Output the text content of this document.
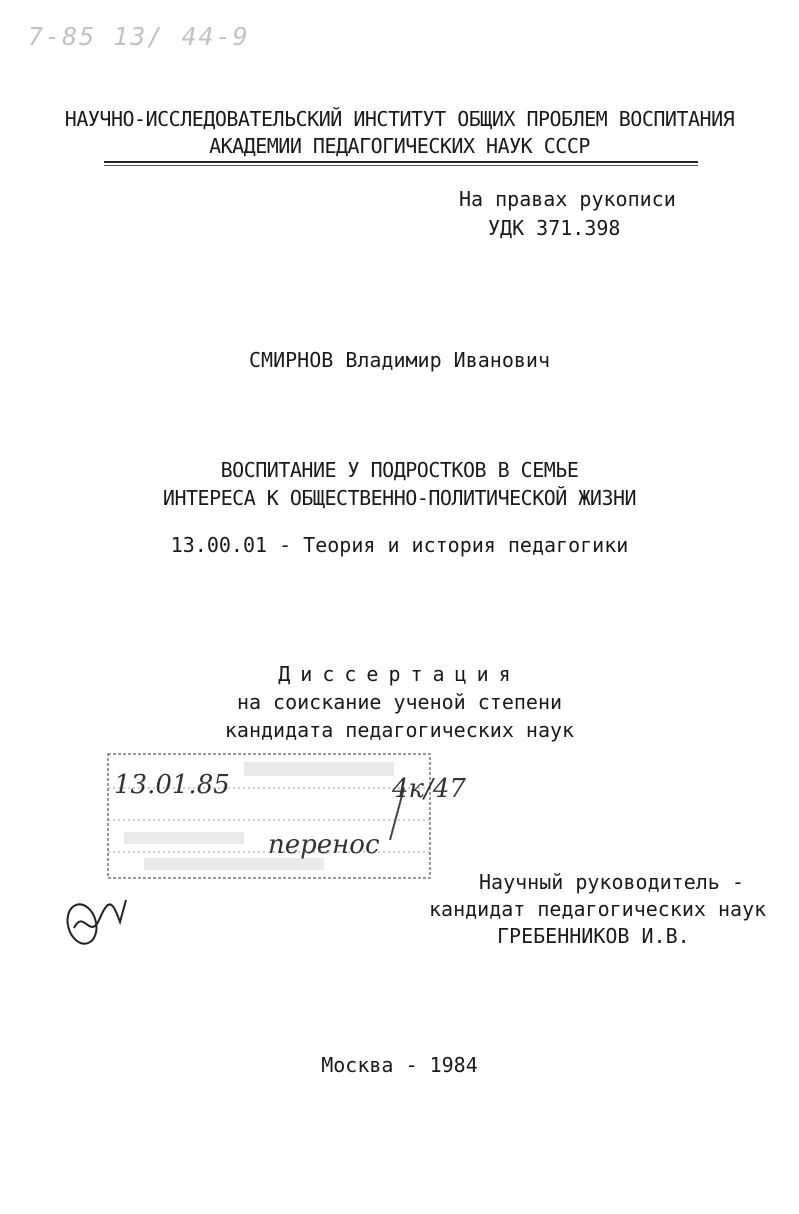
7-85 13/ 44-9
НАУЧНО-ИССЛЕДОВАТЕЛЬСКИЙ ИНСТИТУТ ОБЩИХ ПРОБЛЕМ ВОСПИТАНИЯ
АКАДЕМИИ ПЕДАГОГИЧЕСКИХ НАУК СССР
На правах рукописи
УДК 371.398
СМИРНОВ Владимир Иванович
ВОСПИТАНИЕ У ПОДРОСТКОВ В СЕМЬЕ
ИНТЕРЕСА К ОБЩЕСТВЕННО-ПОЛИТИЧЕСКОЙ ЖИЗНИ
13.00.01 - Теория и история педагогики
Диссертация
на соискание ученой степени
кандидата педагогических наук
13.01.85	4к/47
перенос
Научный руководитель -
кандидат педагогических наук
ГРЕБЕННИКОВ И.В.
Москва - 1984
